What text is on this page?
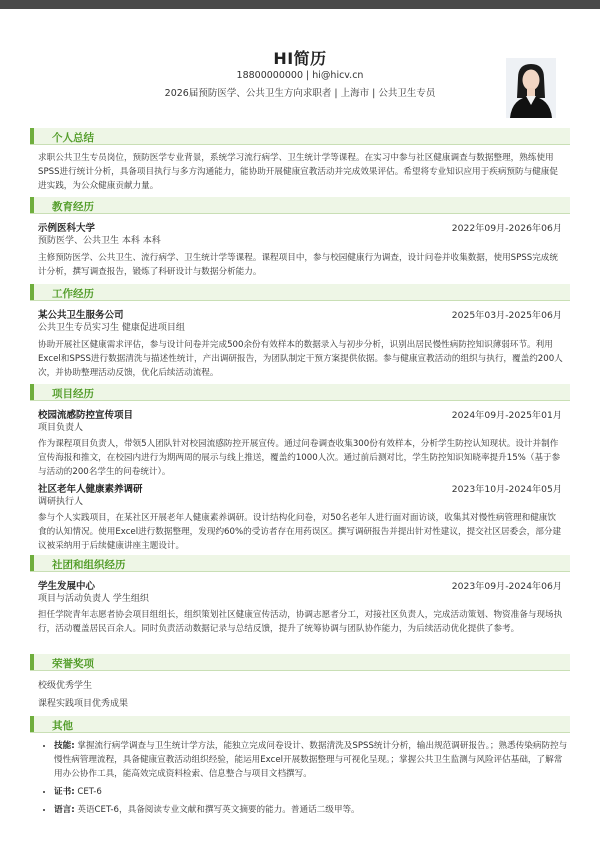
HI简历
18800000000 | hi@hicv.cn
2026届预防医学、公共卫生方向求职者 | 上海市 | 公共卫生专员
个人总结

求职公共卫生专员岗位，预防医学专业背景，系统学习流行病学、卫生统计学等课程。在实习中参与社区健康调查与数据整理，熟练使用SPSS进行统计分析，具备项目执行与多方沟通能力，能协助开展健康宣教活动并完成效果评估。希望将专业知识应用于疾病预防与健康促进实践，为公众健康贡献力量。

教育经历
示例医科大学	2022年09月-2026年06月
预防医学、公共卫生 本科 本科

主修预防医学、公共卫生、流行病学、卫生统计学等课程。课程项目中，参与校园健康行为调查，设计问卷并收集数据，使用SPSS完成统计分析，撰写调查报告，锻炼了科研设计与数据分析能力。

工作经历
某公共卫生服务公司	2025年03月-2025年06月
公共卫生专员实习生 健康促进项目组

协助开展社区健康需求评估，参与设计问卷并完成500余份有效样本的数据录入与初步分析，识别出居民慢性病防控知识薄弱环节。利用Excel和SPSS进行数据清洗与描述性统计，产出调研报告，为团队制定干预方案提供依据。参与健康宣教活动的组织与执行，覆盖约200人次，并协助整理活动反馈，优化后续活动流程。

项目经历
校园流感防控宣传项目	2024年09月-2025年01月
项目负责人

作为课程项目负责人，带领5人团队针对校园流感防控开展宣传。通过问卷调查收集300份有效样本，分析学生防控认知现状。设计并制作宣传海报和推文，在校园内进行为期两周的展示与线上推送，覆盖约1000人次。通过前后测对比，学生防控知识知晓率提升15%（基于参与活动的200名学生的问卷统计）。

社区老年人健康素养调研	2023年10月-2024年05月
调研执行人

参与个人实践项目，在某社区开展老年人健康素养调研。设计结构化问卷，对50名老年人进行面对面访谈，收集其对慢性病管理和健康饮食的认知情况。使用Excel进行数据整理，发现约60%的受访者存在用药误区。撰写调研报告并提出针对性建议，提交社区居委会，部分建议被采纳用于后续健康讲座主题设计。

社团和组织经历
学生发展中心	2023年09月-2024年06月
项目与活动负责人 学生组织

担任学院青年志愿者协会项目组组长，组织策划社区健康宣传活动，协调志愿者分工，对接社区负责人，完成活动策划、物资准备与现场执行，活动覆盖居民百余人。同时负责活动数据记录与总结反馈，提升了统筹协调与团队协作能力，为后续活动优化提供了参考。

荣誉奖项
校级优秀学生
课程实践项目优秀成果
其他
• 技能: 掌握流行病学调查与卫生统计学方法，能独立完成问卷设计、数据清洗及SPSS统计分析，输出规范调研报告。；熟悉传染病防控与慢性病管理流程，具备健康宣教活动组织经验，能运用Excel开展数据整理与可视化呈现。；掌握公共卫生监测与风险评估基础，了解常用办公协作工具，能高效完成资料检索、信息整合与项目文档撰写。
• 证书: CET-6
• 语言: 英语CET-6，具备阅读专业文献和撰写英文摘要的能力。普通话二级甲等。
